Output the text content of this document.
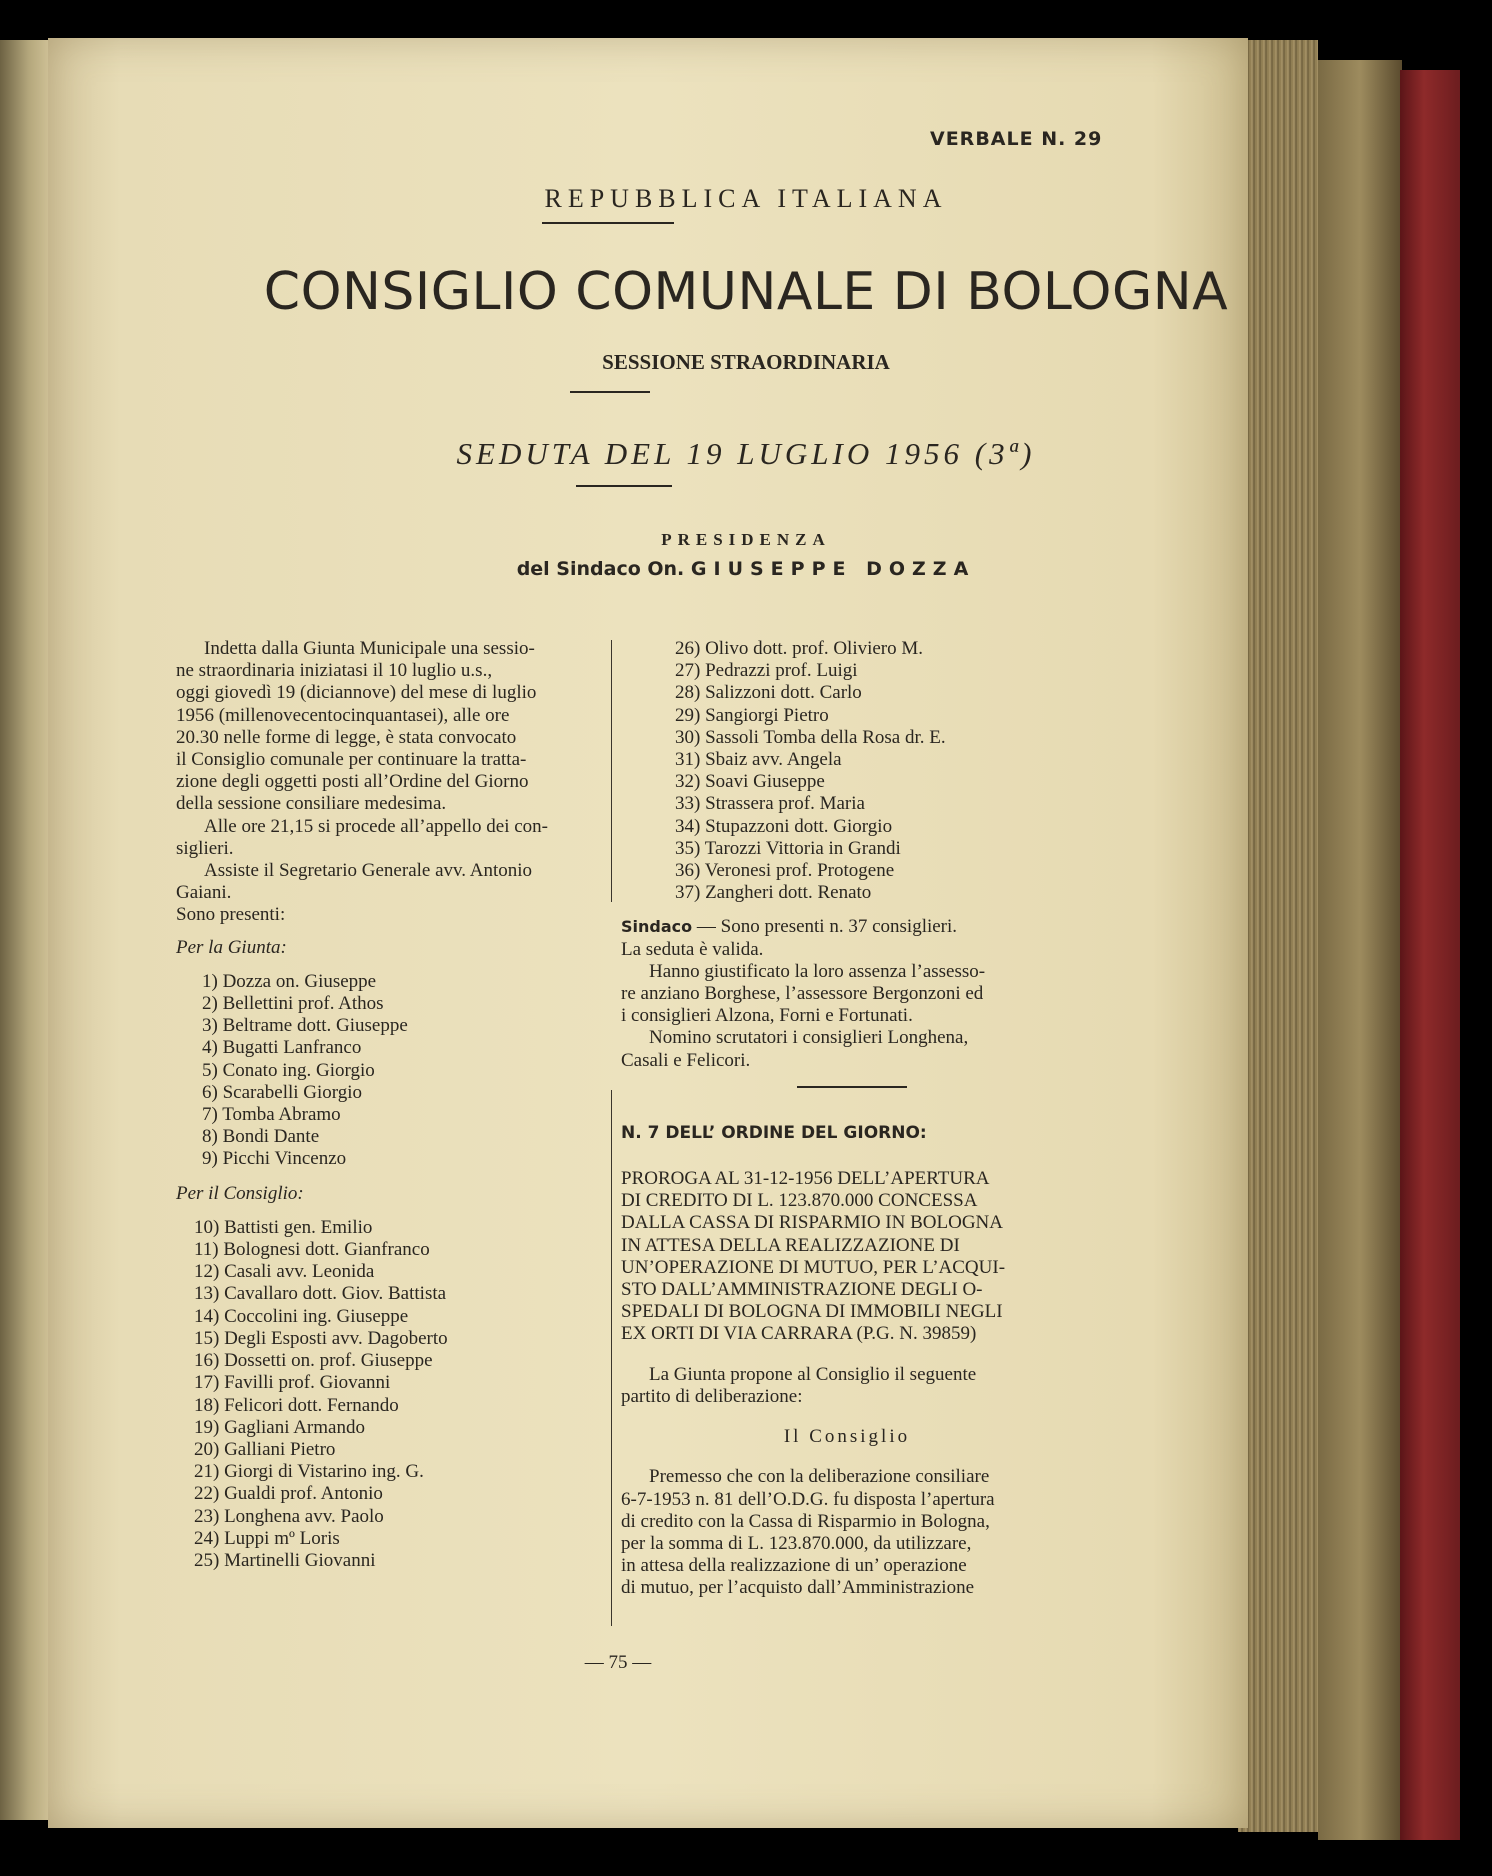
VERBALE N. 29
REPUBBLICA ITALIANA
CONSIGLIO COMUNALE DI BOLOGNA
SESSIONE STRAORDINARIA
SEDUTA DEL 19 LUGLIO 1956 (3ª)
PRESIDENZA
del Sindaco On. GIUSEPPE DOZZA
Indetta dalla Giunta Municipale una sessio-
ne straordinaria iniziatasi il 10 luglio u.s.,
oggi giovedì 19 (diciannove) del mese di luglio
1956 (millenovecentocinquantasei), alle ore
20.30 nelle forme di legge, è stata convocato
il Consiglio comunale per continuare la tratta-
zione degli oggetti posti all’Ordine del Giorno
della sessione consiliare medesima.
Alle ore 21,15 si procede all’appello dei con-
siglieri.
Assiste il Segretario Generale avv. Antonio
Gaiani.
Sono presenti:
Per la Giunta:
1) Dozza on. Giuseppe
2) Bellettini prof. Athos
3) Beltrame dott. Giuseppe
4) Bugatti Lanfranco
5) Conato ing. Giorgio
6) Scarabelli Giorgio
7) Tomba Abramo
8) Bondi Dante
9) Picchi Vincenzo
Per il Consiglio:
10) Battisti gen. Emilio
11) Bolognesi dott. Gianfranco
12) Casali avv. Leonida
13) Cavallaro dott. Giov. Battista
14) Coccolini ing. Giuseppe
15) Degli Esposti avv. Dagoberto
16) Dossetti on. prof. Giuseppe
17) Favilli prof. Giovanni
18) Felicori dott. Fernando
19) Gagliani Armando
20) Galliani Pietro
21) Giorgi di Vistarino ing. G.
22) Gualdi prof. Antonio
23) Longhena avv. Paolo
24) Luppi mº Loris
25) Martinelli Giovanni
26) Olivo dott. prof. Oliviero M.
27) Pedrazzi prof. Luigi
28) Salizzoni dott. Carlo
29) Sangiorgi Pietro
30) Sassoli Tomba della Rosa dr. E.
31) Sbaiz avv. Angela
32) Soavi Giuseppe
33) Strassera prof. Maria
34) Stupazzoni dott. Giorgio
35) Tarozzi Vittoria in Grandi
36) Veronesi prof. Protogene
37) Zangheri dott. Renato
Sindaco — Sono presenti n. 37 consiglieri.
La seduta è valida.
Hanno giustificato la loro assenza l’assesso-
re anziano Borghese, l’assessore Bergonzoni ed
i consiglieri Alzona, Forni e Fortunati.
Nomino scrutatori i consiglieri Longhena,
Casali e Felicori.
N. 7 DELL’ ORDINE DEL GIORNO:
PROROGA AL 31-12-1956 DELL’APERTURA
DI CREDITO DI L. 123.870.000 CONCESSA
DALLA CASSA DI RISPARMIO IN BOLOGNA
IN ATTESA DELLA REALIZZAZIONE DI
UN’OPERAZIONE DI MUTUO, PER L’ACQUI-
STO DALL’AMMINISTRAZIONE DEGLI O-
SPEDALI DI BOLOGNA DI IMMOBILI NEGLI
EX ORTI DI VIA CARRARA (P.G. N. 39859)
La Giunta propone al Consiglio il seguente
partito di deliberazione:
Il Consiglio
Premesso che con la deliberazione consiliare
6-7-1953 n. 81 dell’O.D.G. fu disposta l’apertura
di credito con la Cassa di Risparmio in Bologna,
per la somma di L. 123.870.000, da utilizzare,
in attesa della realizzazione di un’ operazione
di mutuo, per l’acquisto dall’Amministrazione
— 75 —
